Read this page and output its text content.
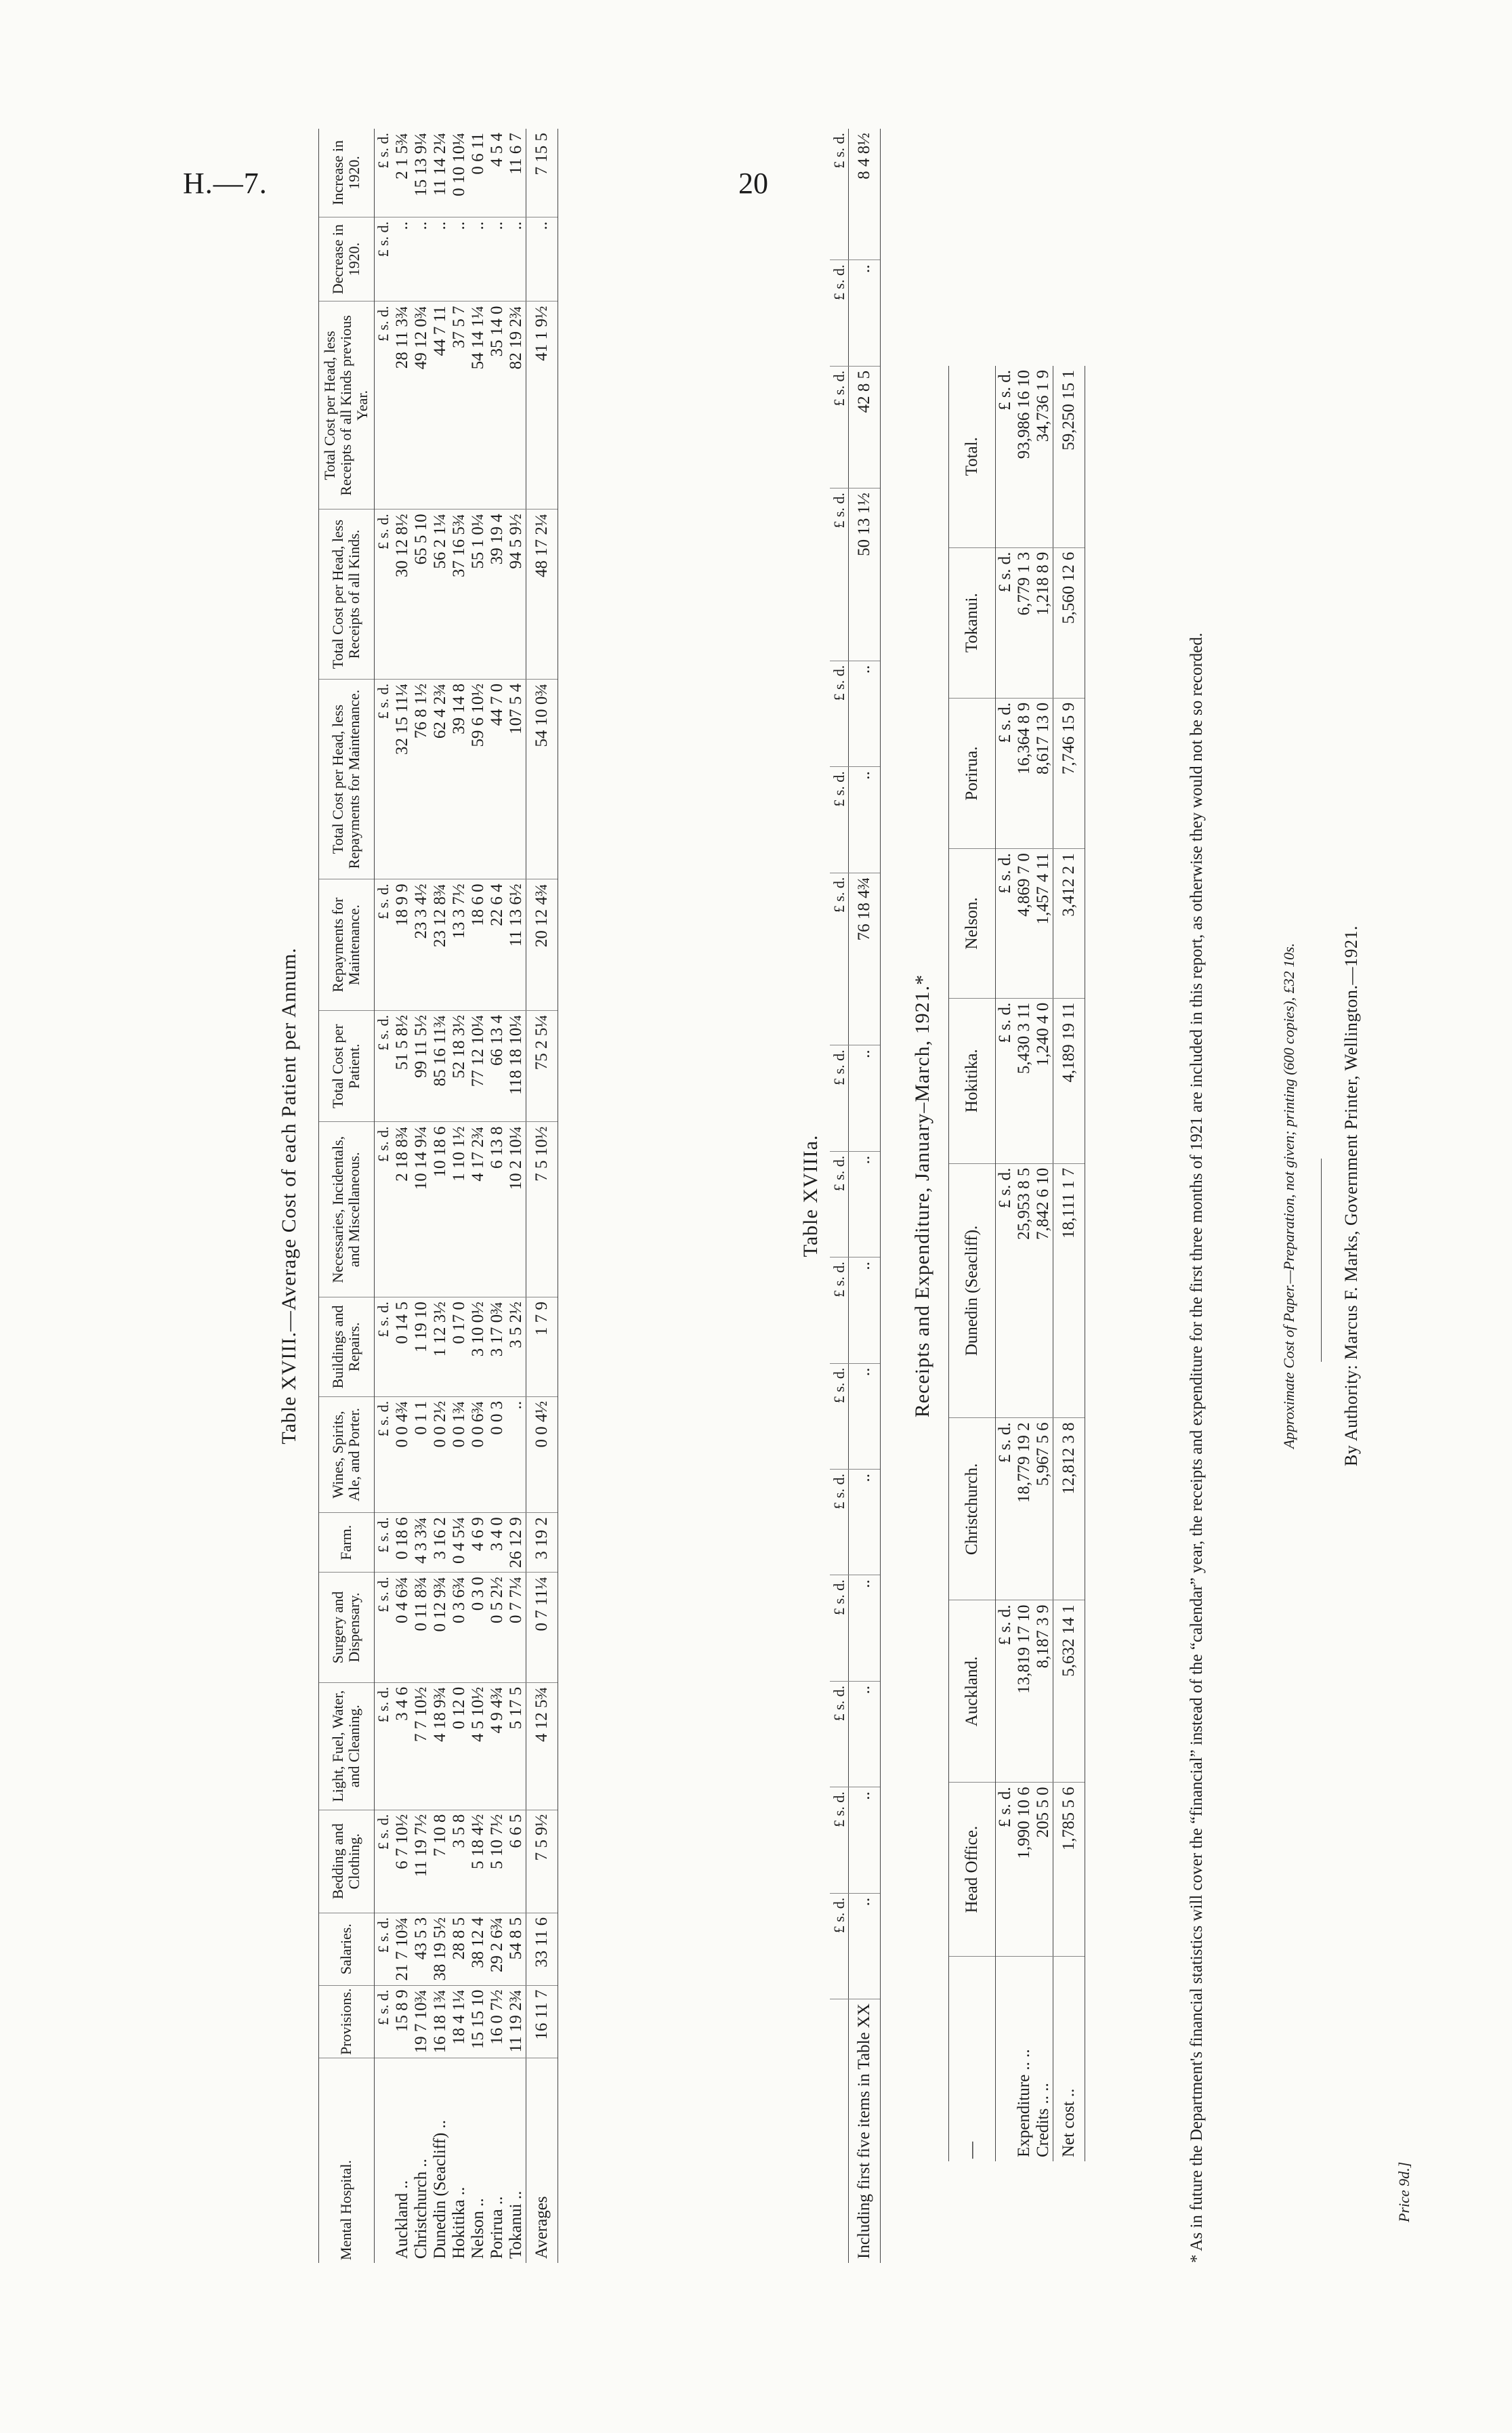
H.—7.	20
Table XVIII.—Average Cost of each Patient per Annum.
Mental Hospital.	Provisions.	Salaries.	Bedding and Clothing.	Light, Fuel, Water, and Cleaning.	Surgery and Dispensary.	Farm.	Wines, Spirits, Ale, and Porter.	Buildings and Repairs.	Necessaries, Incidentals, and Miscellaneous.	Total Cost per Patient.	Repayments for Maintenance.	Total Cost per Head, less Repayments for Maintenance.	Total Cost per Head, less Receipts of all Kinds.	Total Cost per Head, less Receipts of all Kinds previous Year.	Decrease in 1920.	Increase in 1920.
	£ s. d.	£ s. d.	£ s. d.	£ s. d.	£ s. d.	£ s. d.	£ s. d.	£ s. d.	£ s. d.	£ s. d.	£ s. d.	£ s. d.	£ s. d.	£ s. d.	£ s. d.	£ s. d.
Auckland ..	15 8 9	21 7 10¾	6 7 10½	3 4 6	0 4 6¾	0 18 6	0 0 4¾	0 14 5	2 18 8¾	51 5 8½	18 9 9	32 15 11¼	30 12 8½	28 11 3¾	..	2 1 5¾
Christchurch ..	19 7 10¾	43 5 3	11 19 7½	7 7 10½	0 11 8¾	4 3 3¾	0 1 1	1 19 10	10 14 9¼	99 11 5½	23 3 4½	76 8 1½	65 5 10	49 12 0¾	..	15 13 9¼
Dunedin (Seacliff) ..	16 18 1¾	38 19 5½	7 10 8	4 18 9¾	0 12 9¾	3 16 2	0 0 2½	1 12 3½	10 18 6	85 16 11¾	23 12 8¾	62 4 2¾	56 2 1¼	44 7 11	..	11 14 2¼
Hokitika ..	18 4 1¼	28 8 5	3 5 8	0 12 0	0 3 6¾	0 4 5¼	0 0 1¾	0 17 0	1 10 1½	52 18 3½	13 3 7½	39 14 8	37 16 5¾	37 5 7	..	0 10 10¼
Nelson ..	15 15 10	38 12 4	5 18 4½	4 5 10½	0 3 0	4 6 9	0 0 6¾	3 10 0½	4 17 2¾	77 12 10¼	18 6 0	59 6 10½	55 1 0¼	54 14 1¼	..	0 6 11
Porirua ..	16 0 7½	29 2 6¾	5 10 7½	4 9 4¾	0 5 2½	3 4 0	0 0 3	3 17 0¾	6 13 8	66 13 4	22 6 4	44 7 0	39 19 4	35 14 0	..	4 5 4
Tokanui ..	11 19 2¾	54 8 5	6 6 5	5 17 5	0 7 7¼	26 12 9	..	3 5 2½	10 2 10¼	118 18 10¼	11 13 6½	107 5 4	94 5 9½	82 19 2¾	..	11 6 7
Averages	16 11 7	33 11 6	7 5 9½	4 12 5¾	0 7 11¼	3 19 2	0 0 4½	1 7 9	7 5 10½	75 2 5¼	20 12 4¾	54 10 0¾	48 17 2¼	41 1 9½	..	7 15 5
Table XVIIIa.
	£ s. d.	£ s. d.	£ s. d.	£ s. d.	£ s. d.	£ s. d.	£ s. d.	£ s. d.	£ s. d.	£ s. d.	£ s. d.	£ s. d.	£ s. d.	£ s. d.	£ s. d.	£ s. d.
Including first five items in Table XX	..	..	..	..	..	..	..	..	..	76 18 4¾	..	..	50 13 1½	42 8 5	..	8 4 8½
Receipts and Expenditure, January–March, 1921.*
—	Head Office.	Auckland.	Christchurch.	Dunedin (Seacliff).	Hokitika.	Nelson.	Porirua.	Tokanui.	Total.
	£ s. d.	£ s. d.	£ s. d.	£ s. d.	£ s. d.	£ s. d.	£ s. d.	£ s. d.	£ s. d.
Expenditure .. ..	1,990 10 6	13,819 17 10	18,779 19 2	25,953 8 5	5,430 3 11	4,869 7 0	16,364 8 9	6,779 1 3	93,986 16 10
Credits .. ..	205 5 0	8,187 3 9	5,967 5 6	7,842 6 10	1,240 4 0	1,457 4 11	8,617 13 0	1,218 8 9	34,736 1 9
Net cost ..	1,785 5 6	5,632 14 1	12,812 3 8	18,111 1 7	4,189 19 11	3,412 2 1	7,746 15 9	5,560 12 6	59,250 15 1
* As in future the Department's financial statistics will cover the “financial” instead of the “calendar” year, the receipts and expenditure for the first three months of 1921 are included in this report, as otherwise they would not be so recorded.	Approximate Cost of Paper.—Preparation, not given; printing (600 copies), £32 10s.	By Authority: Marcus F. Marks, Government Printer, Wellington.—1921.
Price 9d.]
